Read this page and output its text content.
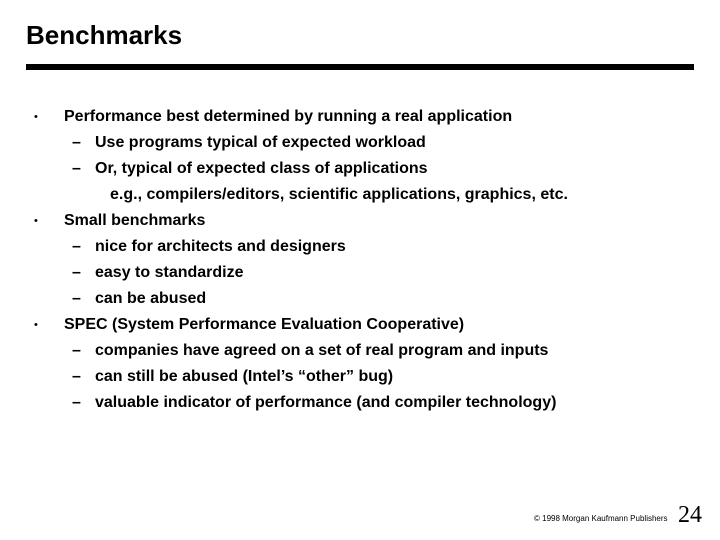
Benchmarks
• Performance best determined by running a real application
– Use programs typical of expected workload
– Or, typical of expected class of applications
e.g., compilers/editors, scientific applications, graphics, etc.
• Small benchmarks
– nice for architects and designers
– easy to standardize
– can be abused
• SPEC (System Performance Evaluation Cooperative)
– companies have agreed on a set of real program and inputs
– can still be abused (Intel’s “other” bug)
– valuable indicator of performance (and compiler technology)
© 1998 Morgan Kaufmann Publishers 24
